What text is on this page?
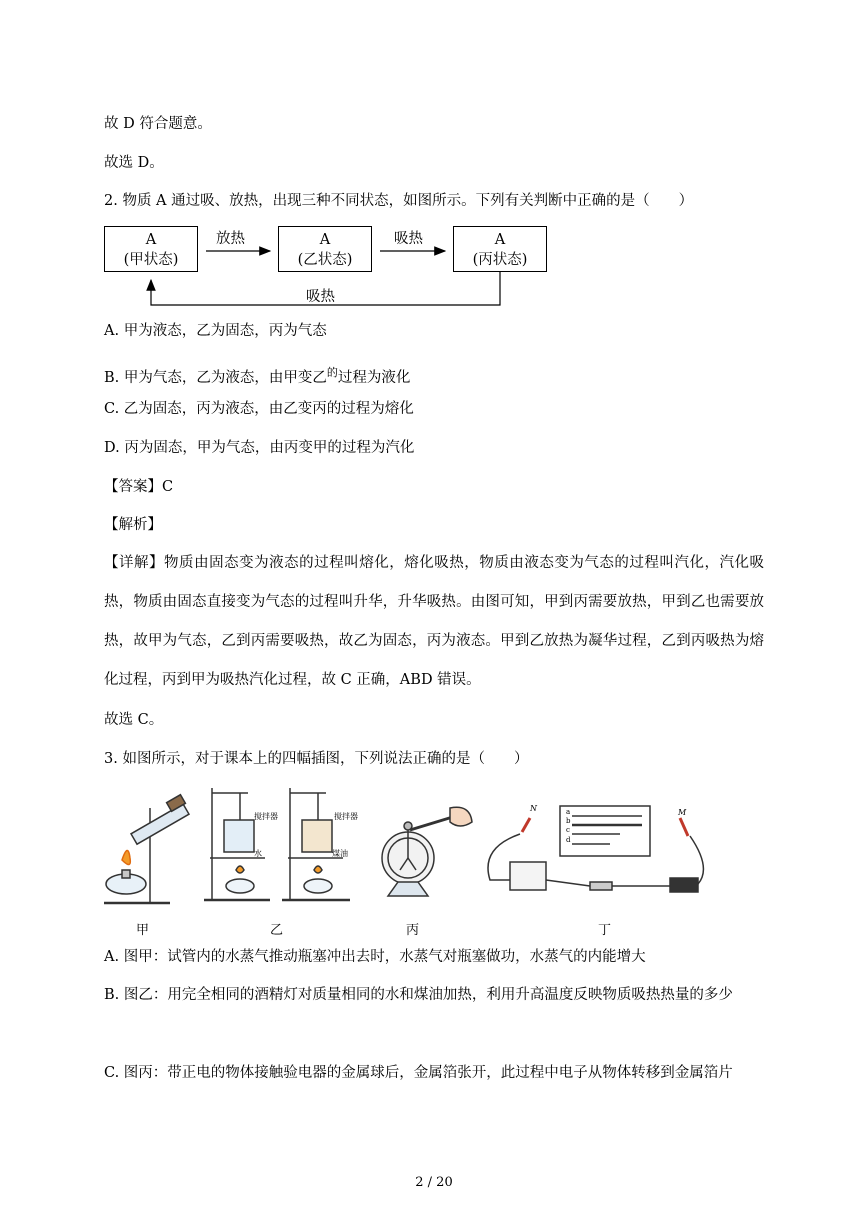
故 D 符合题意。
故选 D。
2. 物质 A 通过吸、放热，出现三种不同状态，如图所示。下列有关判断中正确的是（　　）
A
(甲状态)
A
(乙状态)
A
(丙状态)
放热	吸热
吸热
A. 甲为液态，乙为固态，丙为气态
B. 甲为气态，乙为液态，由甲变乙$^的$过程为液化
C. 乙为固态，丙为液态，由乙变丙的过程为熔化
D. 丙为固态，甲为气态，由丙变甲的过程为汽化
【答案】C
【解析】
【详解】物质由固态变为液态的过程叫熔化，熔化吸热，物质由液态变为气态的过程叫汽化，汽化吸热，物质由固态直接变为气态的过程叫升华，升华吸热。由图可知，甲到丙需要放热，甲到乙也需要放热，故甲为气态，乙到丙需要吸热，故乙为固态，丙为液态。甲到乙放热为凝华过程，乙到丙吸热为熔化过程，丙到甲为吸热汽化过程，故 C 正确，ABD 错误。
故选 C。
3. 如图所示，对于课本上的四幅插图，下列说法正确的是（　　）
甲	乙	丙	丁
搅拌器	搅拌器
水	煤油
a
b
c
d
N	M
A. 图甲：试管内的水蒸气推动瓶塞冲出去时，水蒸气对瓶塞做功，水蒸气的内能增大
B. 图乙：用完全相同的酒精灯对质量相同的水和煤油加热，利用升高温度反映物质吸热热量的多少
C. 图丙：带正电的物体接触验电器的金属球后，金属箔张开，此过程中电子从物体转移到金属箔片
2 / 20
